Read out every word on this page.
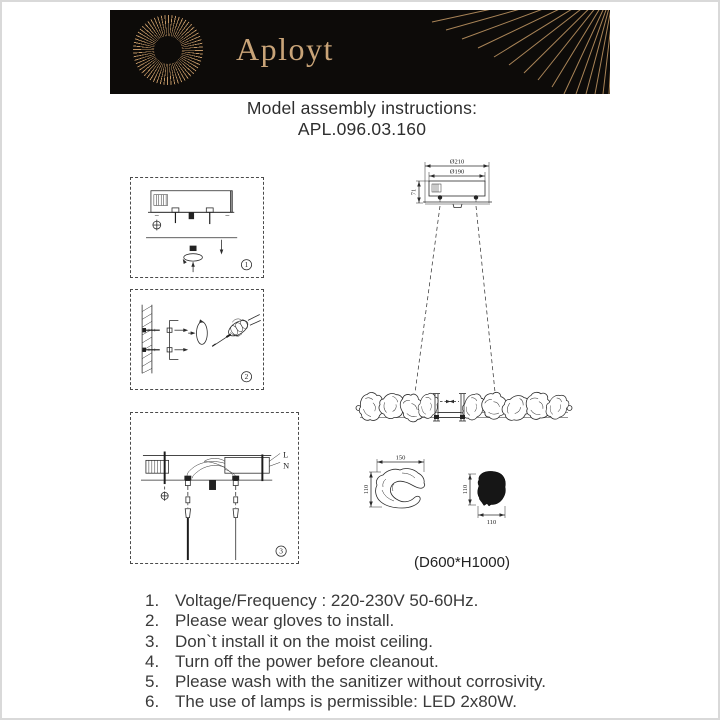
Aployt
Model assembly instructions:
APL.096.03.160
1
2
L
N
3
Ø210
Ø190
71
150
110	110
110
(D600*H1000)
1. Voltage/Frequency : 220-230V 50-60Hz.
2. Please wear gloves to install.
3. Don`t install it on the moist ceiling.
4. Turn off the power before cleanout.
5. Please wash with the sanitizer without corrosivity.
6. The use of lamps is permissible: LED 2x80W.
